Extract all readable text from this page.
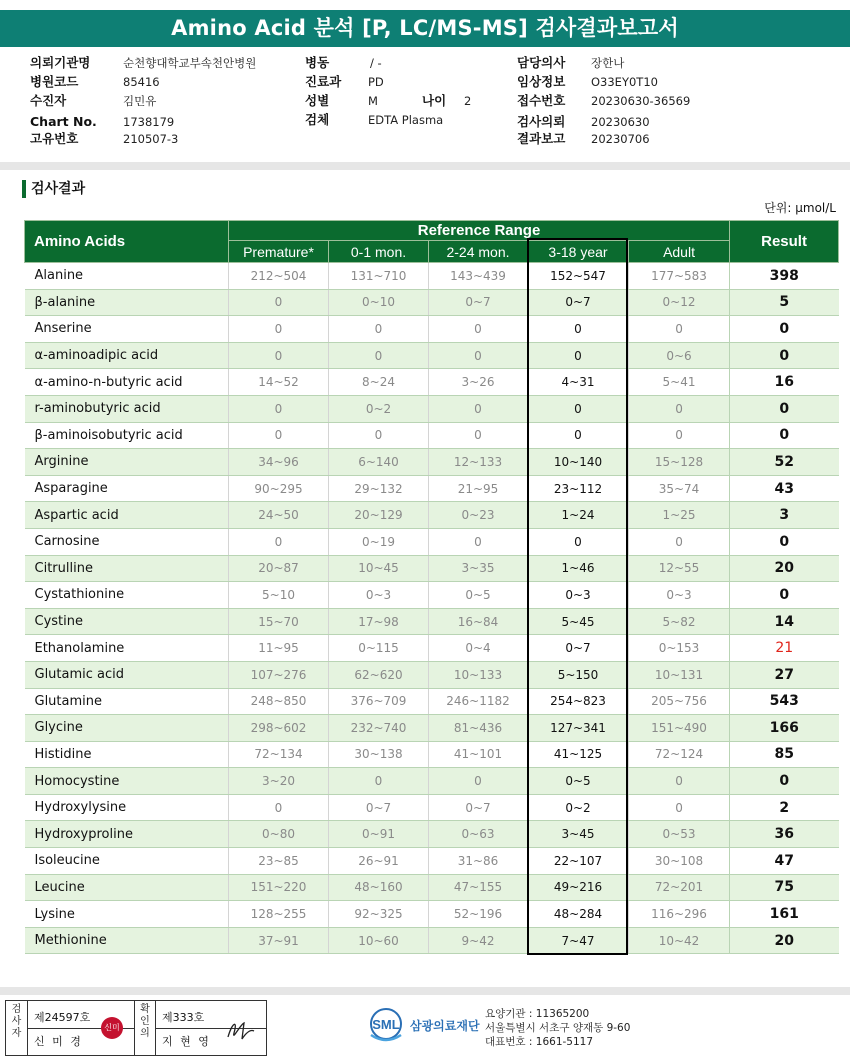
Amino Acid 분석 [P, LC/MS-MS] 검사결과보고서
의뢰기관명	순천향대학교부속천안병원
병원코드	85416
수진자	김민유
Chart No. 1738179
고유번호	210507-3
병동	/ -
진료과 PD
성별	M	나이 2
검체	EDTA Plasma
담당의사 장한나
임상정보 O33EY0T10
접수번호 20230630-36569
검사의뢰 20230630
결과보고 20230706
검사결과
단위: μmol/L
Amino Acids	Reference Range					Result
	Premature*	0-1 mon.	2-24 mon.	3-18 year	Adult	
Alanine	212~504	131~710	143~439	152~547	177~583	398
β-alanine	0	0~10	0~7	0~7	0~12	5
Anserine	0	0	0	0	0	0
α-aminoadipic acid	0	0	0	0	0~6	0
α-amino-n-butyric acid	14~52	8~24	3~26	4~31	5~41	16
r-aminobutyric acid	0	0~2	0	0	0	0
β-aminoisobutyric acid	0	0	0	0	0	0
Arginine	34~96	6~140	12~133	10~140	15~128	52
Asparagine	90~295	29~132	21~95	23~112	35~74	43
Aspartic acid	24~50	20~129	0~23	1~24	1~25	3
Carnosine	0	0~19	0	0	0	0
Citrulline	20~87	10~45	3~35	1~46	12~55	20
Cystathionine	5~10	0~3	0~5	0~3	0~3	0
Cystine	15~70	17~98	16~84	5~45	5~82	14
Ethanolamine	11~95	0~115	0~4	0~7	0~153	21
Glutamic acid	107~276	62~620	10~133	5~150	10~131	27
Glutamine	248~850	376~709	246~1182	254~823	205~756	543
Glycine	298~602	232~740	81~436	127~341	151~490	166
Histidine	72~134	30~138	41~101	41~125	72~124	85
Homocystine	3~20	0	0	0~5	0	0
Hydroxylysine	0	0~7	0~7	0~2	0	2
Hydroxyproline	0~80	0~91	0~63	3~45	0~53	36
Isoleucine	23~85	26~91	31~86	22~107	30~108	47
Leucine	151~220	48~160	47~155	49~216	72~201	75
Lysine	128~255	92~325	52~196	48~284	116~296	161
Methionine	37~91	10~60	9~42	7~47	10~42	20
검사자
제24597호
신 미 경
신미경
확인의
제333호
지 현 영
SML 삼광의료재단
요양기관 : 11365200
서울특별시 서초구 양재동 9-60
대표번호 : 1661-5117
